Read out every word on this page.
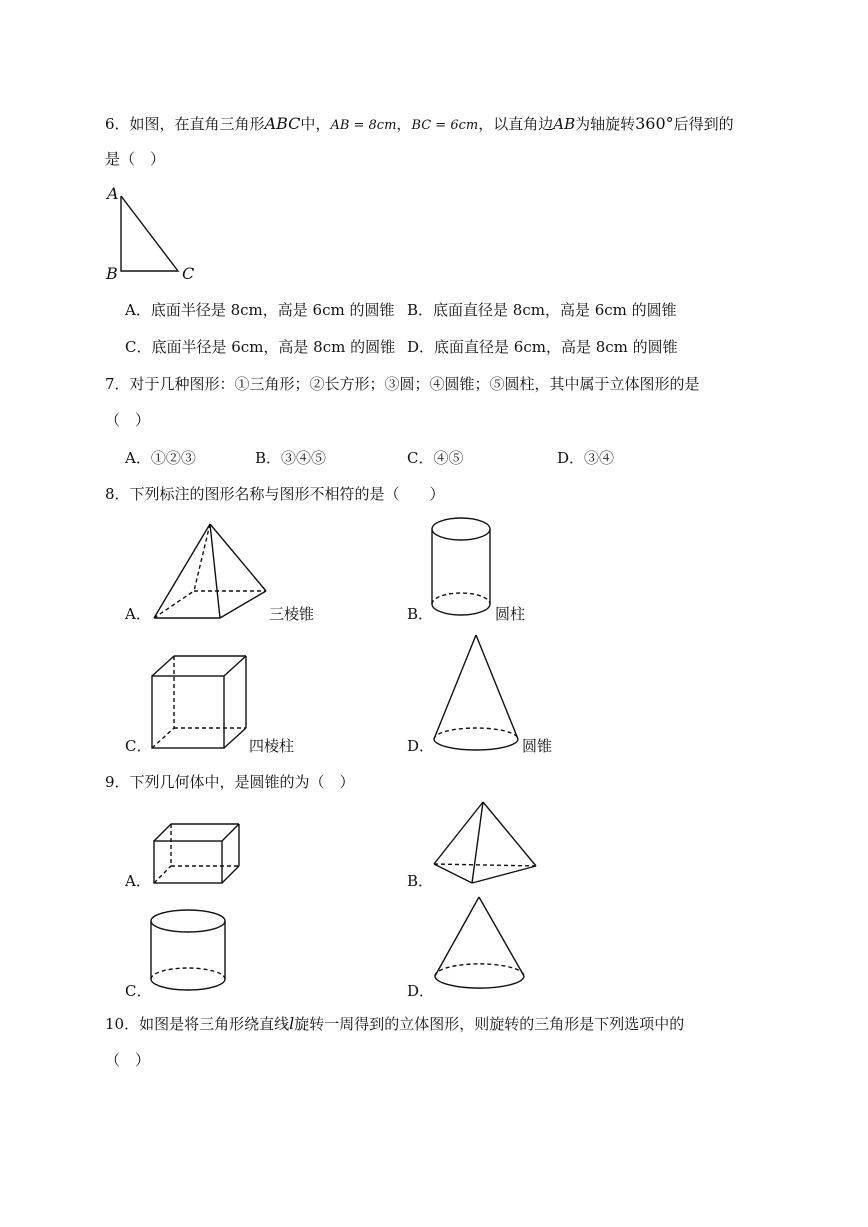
6．如图，在直角三角形ABC中，AB = 8cm，BC = 6cm，以直角边AB为轴旋转360°后得到的
是（　）
A
B	C
A．底面半径是 8cm，高是 6cm 的圆锥 B．底面直径是 8cm，高是 6cm 的圆锥
C．底面半径是 6cm，高是 8cm 的圆锥 D．底面直径是 6cm，高是 8cm 的圆锥
7．对于几种图形：①三角形；②长方形；③圆；④圆锥；⑤圆柱，其中属于立体图形的是
（　）
A．①②③	B．③④⑤	C．④⑤	D．③④
8．下列标注的图形名称与图形不相符的是（　　）
A．	三棱锥	B．	圆柱
C．	四棱柱	D．	圆锥
9．下列几何体中，是圆锥的为（　）
A．	B．
C．	D．
10．如图是将三角形绕直线l旋转一周得到的立体图形，则旋转的三角形是下列选项中的
（　）
